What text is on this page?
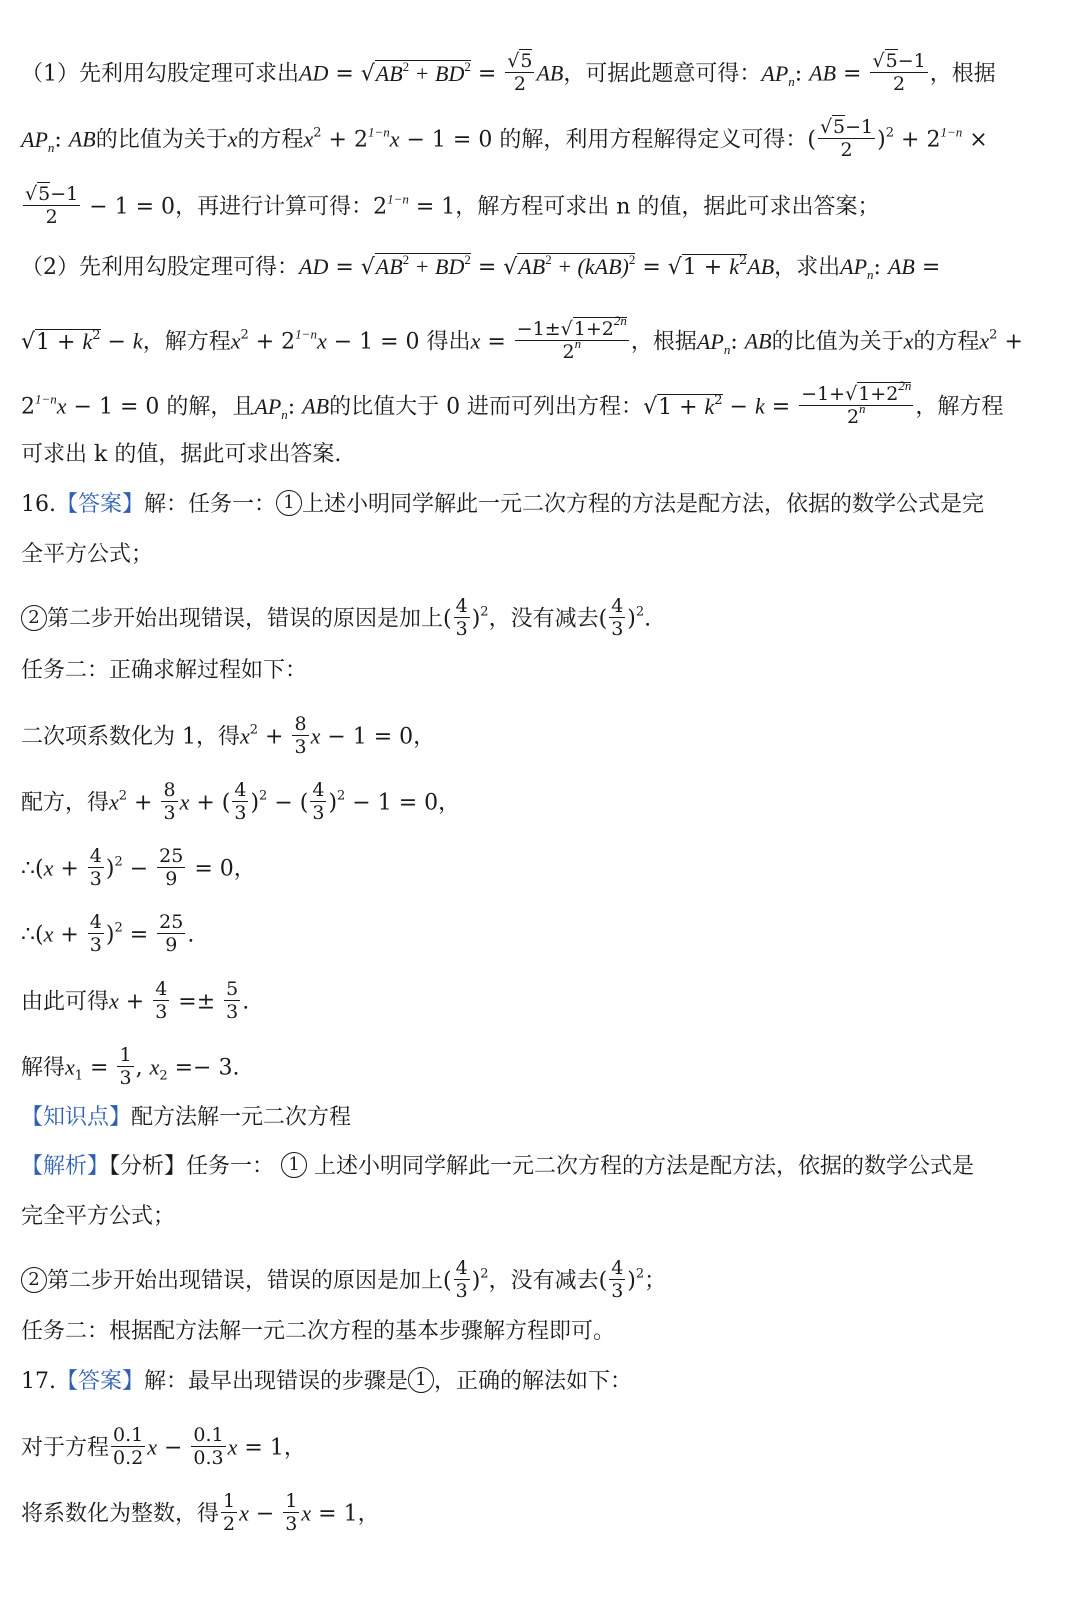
（1）先利用勾股定理可求出AD = $√AB^2 + BD^2 = \frac{√5}{2}$ AB，可据此题意可得：$AP_n$: AB = $\frac{√5-1}{2}$ ，根据
$AP_n$: AB的比值为关于x的方程$x^2 + 2^{1-n}x - 1 = 0$ 的解，利用方程解得定义可得：( $\frac{√5-1}{2} )^2 + 2^{1-n}$ ×
$\frac{√5-1}{2} - 1 = 0$，再进行计算可得：$2^{1-n} = 1$，解方程可求出 n 的值，据此可求出答案；
（2）先利用勾股定理可得：AD = $√AB^2 + BD^2 = √AB^2 + (kAB)^2 = √1 + k^2AB$，求出$AP_n$: AB =
$√1 + k^2 - k$，解方程$x^2 + 2^{1-n}x - 1 = 0$ 得出$x = \frac{-1\pm√1+2^{2n}}{2^n}$ ，根据$AP_n$: AB的比值为关于x的方程$x^2$ +
$2^{1-n}x - 1 = 0$ 的解，且$AP_n$: AB的比值大于 0 进而可列出方程：$√1 + k^2 - k = \frac{-1+√1+2^{2n}}{2^n}$ ，解方程
可求出 k 的值，据此可求出答案.
16.【答案】解：任务一： 1 上述小明同学解此一元二次方程的方法是配方法，依据的数学公式是完
全平方公式；
2 第二步开始出现错误，错误的原因是加上( $\frac{4}{3} )^2$，没有减去( $\frac{4}{3} )^2$.
任务二：正确求解过程如下：
二次项系数化为 1，得$x^2 + \frac{8}{3}$ x − 1 = 0，
配方，得$x^2 + \frac{8}{3}$ x + ( $\frac{4}{3} )^2$ − ( $\frac{4}{3} )^2 - 1 = 0$，
∴(x + $\frac{4}{3} )^2 - \frac{25}{9} = 0$，
∴(x + $\frac{4}{3} )^2 = \frac{25}{9}$ .
由此可得$x + \frac{4}{3} =\pm \frac{5}{3}$ .
解得$x_1 = \frac{1}{3}$ , $x_2 =- 3$.
【知识点】配方法解一元二次方程
【解析】【分析】任务一： 1 上述小明同学解此一元二次方程的方法是配方法，依据的数学公式是
完全平方公式；
2 第二步开始出现错误，错误的原因是加上( $\frac{4}{3} )^2$，没有减去( $\frac{4}{3} )^2$；
任务二：根据配方法解一元二次方程的基本步骤解方程即可。
17.【答案】解：最早出现错误的步骤是 1 ，正确的解法如下：
对于方程 $\frac{0.1}{0.2}$ $x - \frac{0.1}{0.3}$ x = 1，
将系数化为整数，得 $\frac{1}{2}$ $x - \frac{1}{3}$ x = 1，
